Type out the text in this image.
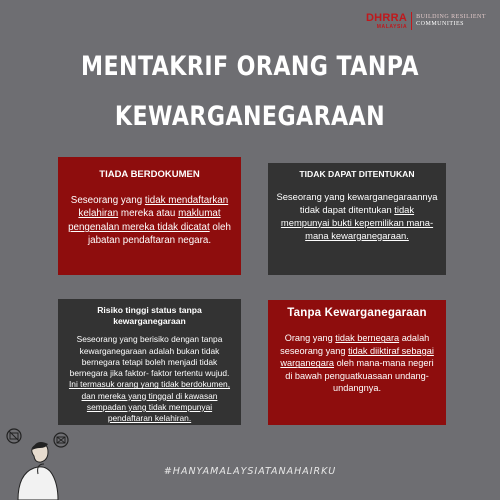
DHRRA
MALAYSIA
BUILDING RESILIENT
COMMUNITIES
MENTAKRIF ORANG TANPA
KEWARGANEGARAAN
TIADA BERDOKUMEN
Seseorang yang tidak mendaftarkan kelahiran mereka atau maklumat pengenalan mereka tidak dicatat oleh jabatan pendaftaran negara.
TIDAK DAPAT DITENTUKAN
Seseorang yang kewarganegaraannya tidak dapat ditentukan tidak mempunyai bukti kepemilikan mana-mana kewarganegaraan.
Risiko tinggi status tanpa kewarganegaraan
Seseorang yang berisiko dengan tanpa kewarganegaraan adalah bukan tidak bernegara tetapi boleh menjadi tidak bernegara jika faktor- faktor tertentu wujud. Ini termasuk orang yang tidak berdokumen, dan mereka yang tinggal di kawasan sempadan yang tidak mempunyai pendaftaran kelahiran.
Tanpa Kewarganegaraan
Orang yang tidak bernegara adalah seseorang yang tidak diiktiraf sebagai warganegara oleh mana-mana negeri di bawah penguatkuasaan undang-undangnya.
#HANYAMALAYSIATANAHAIRKU
